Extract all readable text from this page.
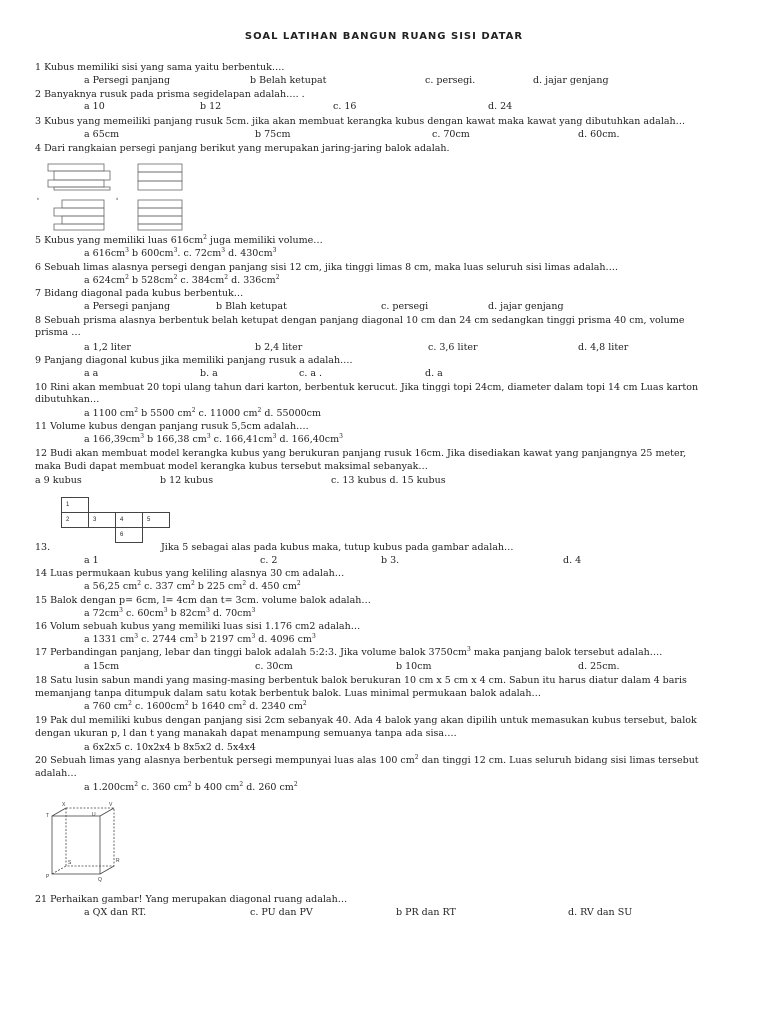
SOAL LATIHAN BANGUN RUANG SISI DATAR
1 Kubus memiliki sisi yang sama yaitu berbentuk….
a Persegi panjang	b Belah ketupat	c. persegi.	d. jajar genjang
2 Banyaknya rusuk pada prisma segidelapan adalah…. .
a 10	b 12	c. 16	d. 24
3 Kubus yang memeiliki panjang rusuk 5cm. jika akan membuat kerangka kubus dengan kawat maka kawat yang dibutuhkan adalah…
a 65cm	b 75cm	c. 70cm	d. 60cm.
4 Dari rangkaian persegi panjang berikut yang merupakan jaring-jaring balok adalah.
5 Kubus yang memiliki luas $616cm^2$ juga memiliki volume…
a $616cm^3$ b $600cm^3$. c. $72cm^3$ d. $430cm^3$
6 Sebuah limas alasnya persegi dengan panjang sisi 12 cm, jika tinggi limas 8 cm, maka luas seluruh sisi limas adalah….
a $624cm^2$ b $528cm^2$ c. $384cm^2$ d. $336cm^2$
7 Bidang diagonal pada kubus berbentuk…
a Persegi panjang	b Blah ketupat	c. persegi	d. jajar genjang
8 Sebuah prisma alasnya berbentuk belah ketupat dengan panjang diagonal 10 cm dan 24 cm sedangkan tinggi prisma 40 cm, volume
prisma …
a 1,2 liter	b 2,4 liter	c. 3,6 liter	d. 4,8 liter
9 Panjang diagonal kubus jika memiliki panjang rusuk a adalah….
a a	b. a	c. a .	d. a
10 Rini akan membuat 20 topi ulang tahun dari karton, berbentuk kerucut. Jika tinggi topi 24cm, diameter dalam topi 14 cm Luas karton
dibutuhkan…
a 1100 $cm^2$ b 5500 $cm^2$ c. 11000 $cm^2$ d. 55000cm
11 Volume kubus dengan panjang rusuk 5,5cm adalah….
a $166,39cm^3$ b 166,38 $cm^3$ c. $166,41cm^3$ d. $166,40cm^3$
12 Budi akan membuat model kerangka kubus yang berukuran panjang rusuk 16cm. Jika disediakan kawat yang panjangnya 25 meter,
maka Budi dapat membuat model kerangka kubus tersebut maksimal sebanyak…
a 9 kubus	b 12 kubus	c. 13 kubus d. 15 kubus
13.	Jika 5 sebagai alas pada kubus maka, tutup kubus pada gambar adalah…
a 1	c. 2	b 3.	d. 4
14 Luas permukaan kubus yang keliling alasnya 30 cm adalah…
a 56,25 $cm^2$ c. 337 $cm^2$ b 225 $cm^2$ d. 450 $cm^2$
15 Balok dengan p= 6cm, l= 4cm dan t= 3cm. volume balok adalah…
a $72cm^3$ c. $60cm^3$ b $82cm^3$ d. $70cm^3$
16 Volum sebuah kubus yang memiliki luas sisi 1.176 cm2 adalah…
a 1331 $cm^3$ c. 2744 $cm^3$ b 2197 $cm^3$ d. 4096 $cm^3$
17 Perbandingan panjang, lebar dan tinggi balok adalah 5:2:3. Jika volume balok $3750cm^3$ maka panjang balok tersebut adalah….
a 15cm	c. 30cm	b 10cm	d. 25cm.
18 Satu lusin sabun mandi yang masing-masing berbentuk balok berukuran 10 cm x 5 cm x 4 cm. Sabun itu harus diatur dalam 4 baris
memanjang tanpa ditumpuk dalam satu kotak berbentuk balok. Luas minimal permukaan balok adalah…
a 760 $cm^2$ c. $1600cm^2$ b 1640 $cm^2$ d. 2340 $cm^2$
19 Pak dul memiliki kubus dengan panjang sisi 2cm sebanyak 40. Ada 4 balok yang akan dipilih untuk memasukan kubus tersebut, balok
dengan ukuran p, l dan t yang manakah dapat menampung semuanya tanpa ada sisa….
a 6x2x5 c. 10x2x4 b 8x5x2 d. 5x4x4
20 Sebuah limas yang alasnya berbentuk persegi mempunyai luas alas 100 $cm^2$ dan tinggi 12 cm. Luas seluruh bidang sisi limas tersebut
adalah…
a $1.200cm^2$ c. 360 $cm^2$ b 400 $cm^2$ d. 260 $cm^2$
21 Perhaikan gambar! Yang merupakan diagonal ruang adalah…
a QX dan RT.	c. PU dan PV	b PR dan RT	d. RV dan SU
b	d
1			
2	3	4	5
		6	
X	V
T	U
S	R
P	Q
